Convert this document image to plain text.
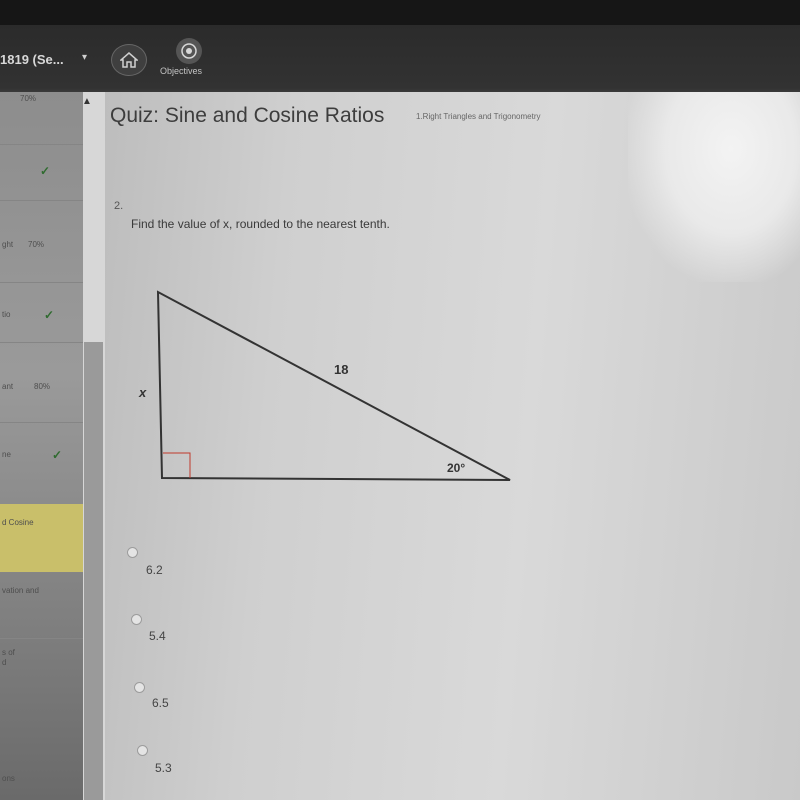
1819 (Se... ▾
Objectives
70%
✓
ght 70%
tio	✓
ant	80%
ne	✓
d Cosine
vation and
s of
d
ons
▲
Quiz: Sine and Cosine Ratios	1.Right Triangles and Trigonometry
2.
Find the value of x, rounded to the nearest tenth.
18
x
20°
6.2
5.4
6.5
5.3
